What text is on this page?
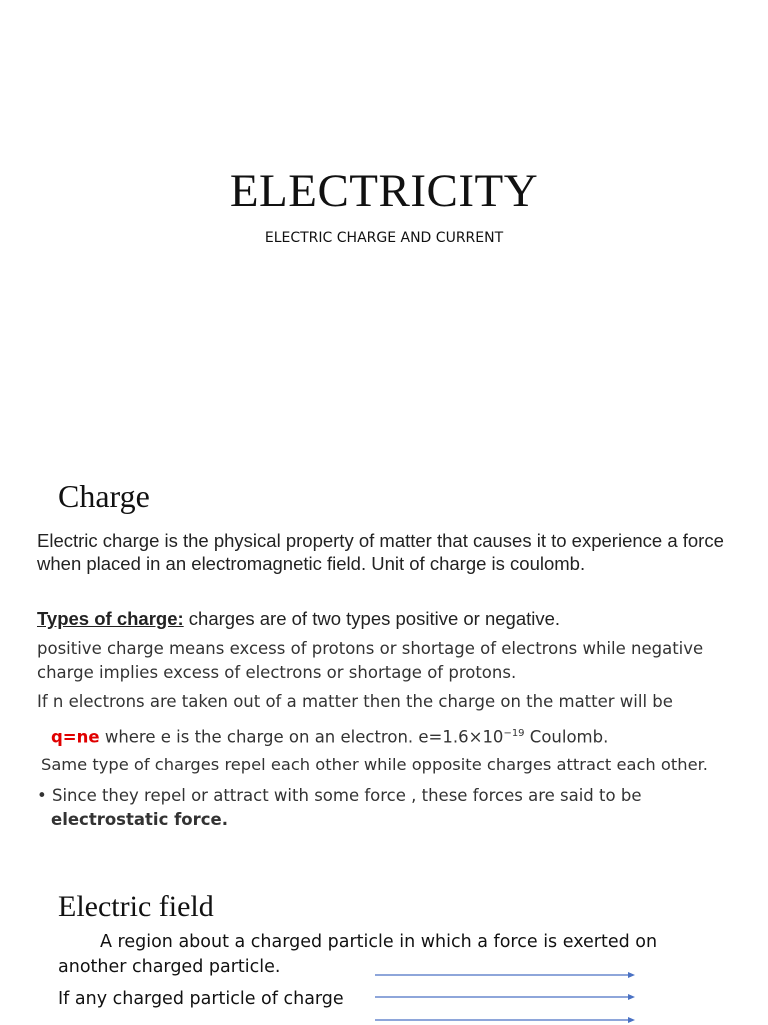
ELECTRICITY
ELECTRIC CHARGE AND CURRENT
Charge
Electric charge is the physical property of matter that causes it to experience a force when placed in an electromagnetic field. Unit of charge is coulomb.
Types of charge: charges are of two types positive or negative.
positive charge means excess of protons or shortage of electrons while negative charge implies excess of electrons or shortage of protons.
If n electrons are taken out of a matter then the charge on the matter will be
q=ne where e is the charge on an electron. $e=1.6\times 10^{-19}$ Coulomb.
Same type of charges repel each other while opposite charges attract each other.
• Since they repel or attract with some force , these forces are said to be
electrostatic force.
Electric field
A region about a charged particle in which a force is exerted on
another charged particle.
If any charged particle of charge
